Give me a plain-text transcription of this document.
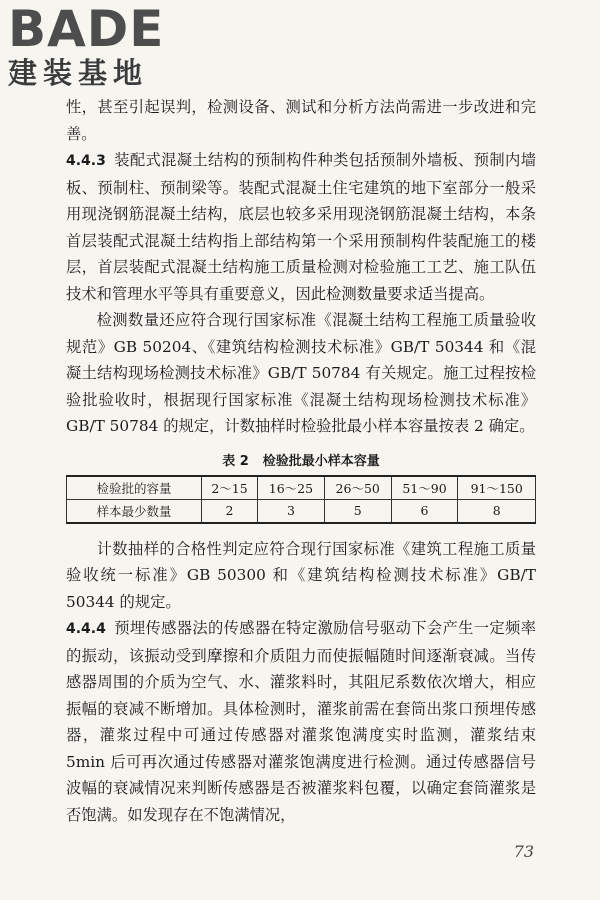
BADE
建装基地

性，甚至引起误判，检测设备、测试和分析方法尚需进一步改进和完善。

4.4.3 装配式混凝土结构的预制构件种类包括预制外墙板、预制内墙板、预制柱、预制梁等。装配式混凝土住宅建筑的地下室部分一般采用现浇钢筋混凝土结构，底层也较多采用现浇钢筋混凝土结构，本条首层装配式混凝土结构指上部结构第一个采用预制构件装配施工的楼层，首层装配式混凝土结构施工质量检测对检验施工工艺、施工队伍技术和管理水平等具有重要意义，因此检测数量要求适当提高。

检测数量还应符合现行国家标准《混凝土结构工程施工质量验收规范》GB 50204、《建筑结构检测技术标准》GB/T 50344 和《混凝土结构现场检测技术标准》GB/T 50784 有关规定。施工过程按检验批验收时，根据现行国家标准《混凝土结构现场检测技术标准》GB/T 50784 的规定，计数抽样时检验批最小样本容量按表 2 确定。

表 2 检验批最小样本容量
检验批的容量	2～15	16～25	26～50	51～90	91～150
样本最少数量	2	3	5	6	8

计数抽样的合格性判定应符合现行国家标准《建筑工程施工质量验收统一标准》GB 50300 和《建筑结构检测技术标准》GB/T 50344 的规定。

4.4.4 预埋传感器法的传感器在特定激励信号驱动下会产生一定频率的振动，该振动受到摩擦和介质阻力而使振幅随时间逐渐衰减。当传感器周围的介质为空气、水、灌浆料时，其阻尼系数依次增大，相应振幅的衰减不断增加。具体检测时，灌浆前需在套筒出浆口预埋传感器，灌浆过程中可通过传感器对灌浆饱满度实时监测，灌浆结束 5min 后可再次通过传感器对灌浆饱满度进行检测。通过传感器信号波幅的衰减情况来判断传感器是否被灌浆料包覆，以确定套筒灌浆是否饱满。如发现存在不饱满情况，

73
